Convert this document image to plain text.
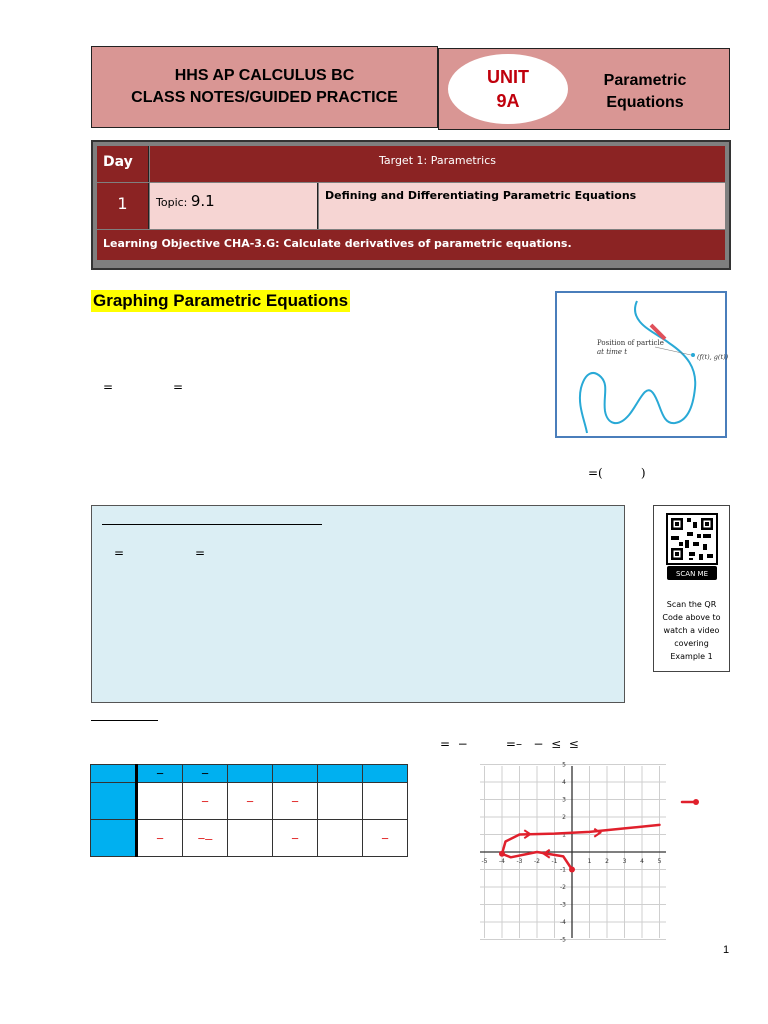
HHS AP CALCULUS BC
CLASS NOTES/GUIDED PRACTICE
UNIT
9A
Parametric
Equations
Day	Target 1: Parametrics
1	Topic: 9.1	Defining and Differentiating Parametric Equations
Learning Objective CHA-3.G: Calculate derivatives of parametric equations.
Graphing Parametric Equations
=	=
=(          )
Position of particle
at time t
(f(t), g(t))
=	=
SCAN ME
Scan the QR
Code above to
watch a video
covering
Example 1
=  −          =–   −  ≤  ≤
	−	−				
		−	−	−		
	−	−–		−		−
-5 -4 -3 -2 -1	1 2 3 4 5
5
4
3
2
1
-1
-2
-3
-4
-5
1
